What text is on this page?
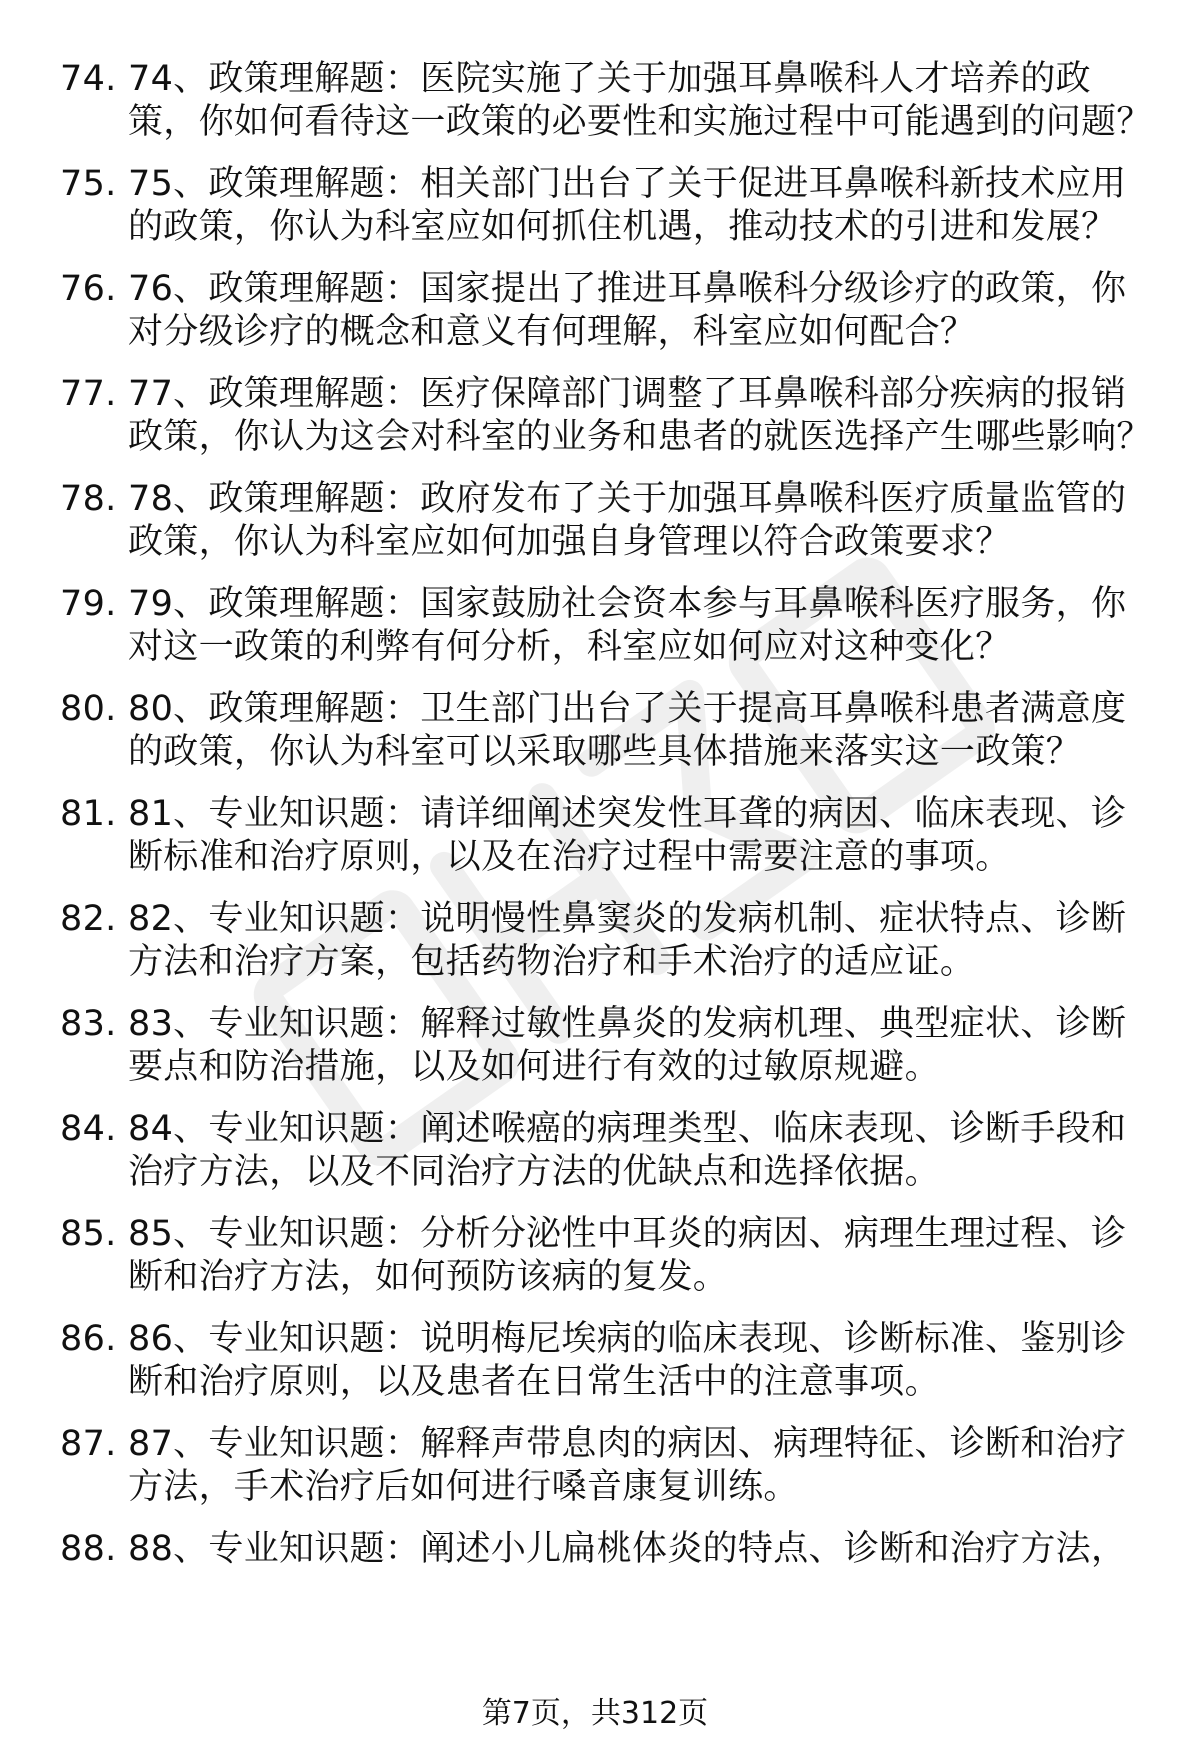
74. 74、政策理解题：医院实施了关于加强耳鼻喉科人才培养的政策，你如何看待这一政策的必要性和实施过程中可能遇到的问题？
75. 75、政策理解题：相关部门出台了关于促进耳鼻喉科新技术应用的政策，你认为科室应如何抓住机遇，推动技术的引进和发展？
76. 76、政策理解题：国家提出了推进耳鼻喉科分级诊疗的政策，你对分级诊疗的概念和意义有何理解，科室应如何配合？
77. 77、政策理解题：医疗保障部门调整了耳鼻喉科部分疾病的报销政策，你认为这会对科室的业务和患者的就医选择产生哪些影响？
78. 78、政策理解题：政府发布了关于加强耳鼻喉科医疗质量监管的政策，你认为科室应如何加强自身管理以符合政策要求？
79. 79、政策理解题：国家鼓励社会资本参与耳鼻喉科医疗服务，你对这一政策的利弊有何分析，科室应如何应对这种变化？
80. 80、政策理解题：卫生部门出台了关于提高耳鼻喉科患者满意度的政策，你认为科室可以采取哪些具体措施来落实这一政策？
81. 81、专业知识题：请详细阐述突发性耳聋的病因、临床表现、诊断标准和治疗原则，以及在治疗过程中需要注意的事项。
82. 82、专业知识题：说明慢性鼻窦炎的发病机制、症状特点、诊断方法和治疗方案，包括药物治疗和手术治疗的适应证。
83. 83、专业知识题：解释过敏性鼻炎的发病机理、典型症状、诊断要点和防治措施，以及如何进行有效的过敏原规避。
84. 84、专业知识题：阐述喉癌的病理类型、临床表现、诊断手段和治疗方法，以及不同治疗方法的优缺点和选择依据。
85. 85、专业知识题：分析分泌性中耳炎的病因、病理生理过程、诊断和治疗方法，如何预防该病的复发。
86. 86、专业知识题：说明梅尼埃病的临床表现、诊断标准、鉴别诊断和治疗原则，以及患者在日常生活中的注意事项。
87. 87、专业知识题：解释声带息肉的病因、病理特征、诊断和治疗方法，手术治疗后如何进行嗓音康复训练。
88. 88、专业知识题：阐述小儿扁桃体炎的特点、诊断和治疗方法，
第7页，共312页
